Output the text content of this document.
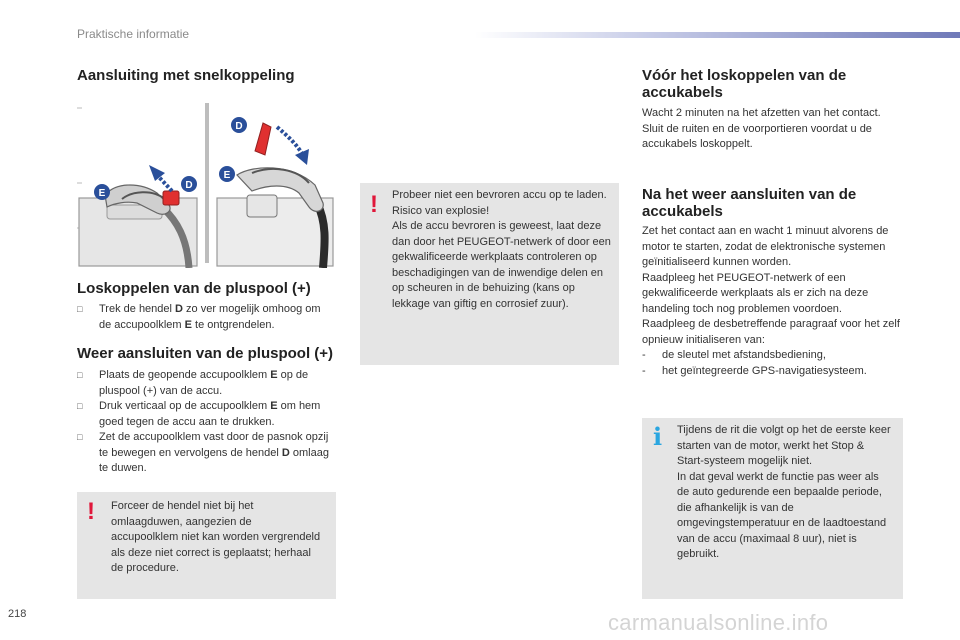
Praktische informatie
Aansluiting met snelkoppeling
E
D
E
D
Loskoppelen van de pluspool (+)
□ Trek de hendel D zo ver mogelijk omhoog om de accupoolklem E te ontgrendelen.
Weer aansluiten van de pluspool (+)
□ Plaats de geopende accupoolklem E op de pluspool (+) van de accu.
□ Druk verticaal op de accupoolklem E om hem goed tegen de accu aan te drukken.
□ Zet de accupoolklem vast door de pasnok opzij te bewegen en vervolgens de hendel D omlaag te duwen.
! Forceer de hendel niet bij het omlaagduwen, aangezien de accupoolklem niet kan worden vergrendeld als deze niet correct is geplaatst; herhaal de procedure.
! Probeer niet een bevroren accu op te laden. Risico van explosie!
Als de accu bevroren is geweest, laat deze dan door het PEUGEOT-netwerk of door een gekwalificeerde werkplaats controleren op beschadigingen van de inwendige delen en op scheuren in de behuizing (kans op lekkage van giftig en corrosief zuur).
Vóór het loskoppelen van de accukabels
Wacht 2 minuten na het afzetten van het contact.
Sluit de ruiten en de voorportieren voordat u de accukabels loskoppelt.
Na het weer aansluiten van de accukabels
Zet het contact aan en wacht 1 minuut alvorens de motor te starten, zodat de elektronische systemen geïnitialiseerd kunnen worden.
Raadpleeg het PEUGEOT-netwerk of een gekwalificeerde werkplaats als er zich na deze handeling toch nog problemen voordoen.
Raadpleeg de desbetreffende paragraaf voor het zelf opnieuw initialiseren van:
- de sleutel met afstandsbediening,
- het geïntegreerde GPS-navigatiesysteem.
i Tijdens de rit die volgt op het de eerste keer starten van de motor, werkt het Stop & Start-systeem mogelijk niet.
In dat geval werkt de functie pas weer als de auto gedurende een bepaalde periode, die afhankelijk is van de omgevingstemperatuur en de laadtoestand van de accu (maximaal 8 uur), niet is gebruikt.
218	carmanualsonline.info
